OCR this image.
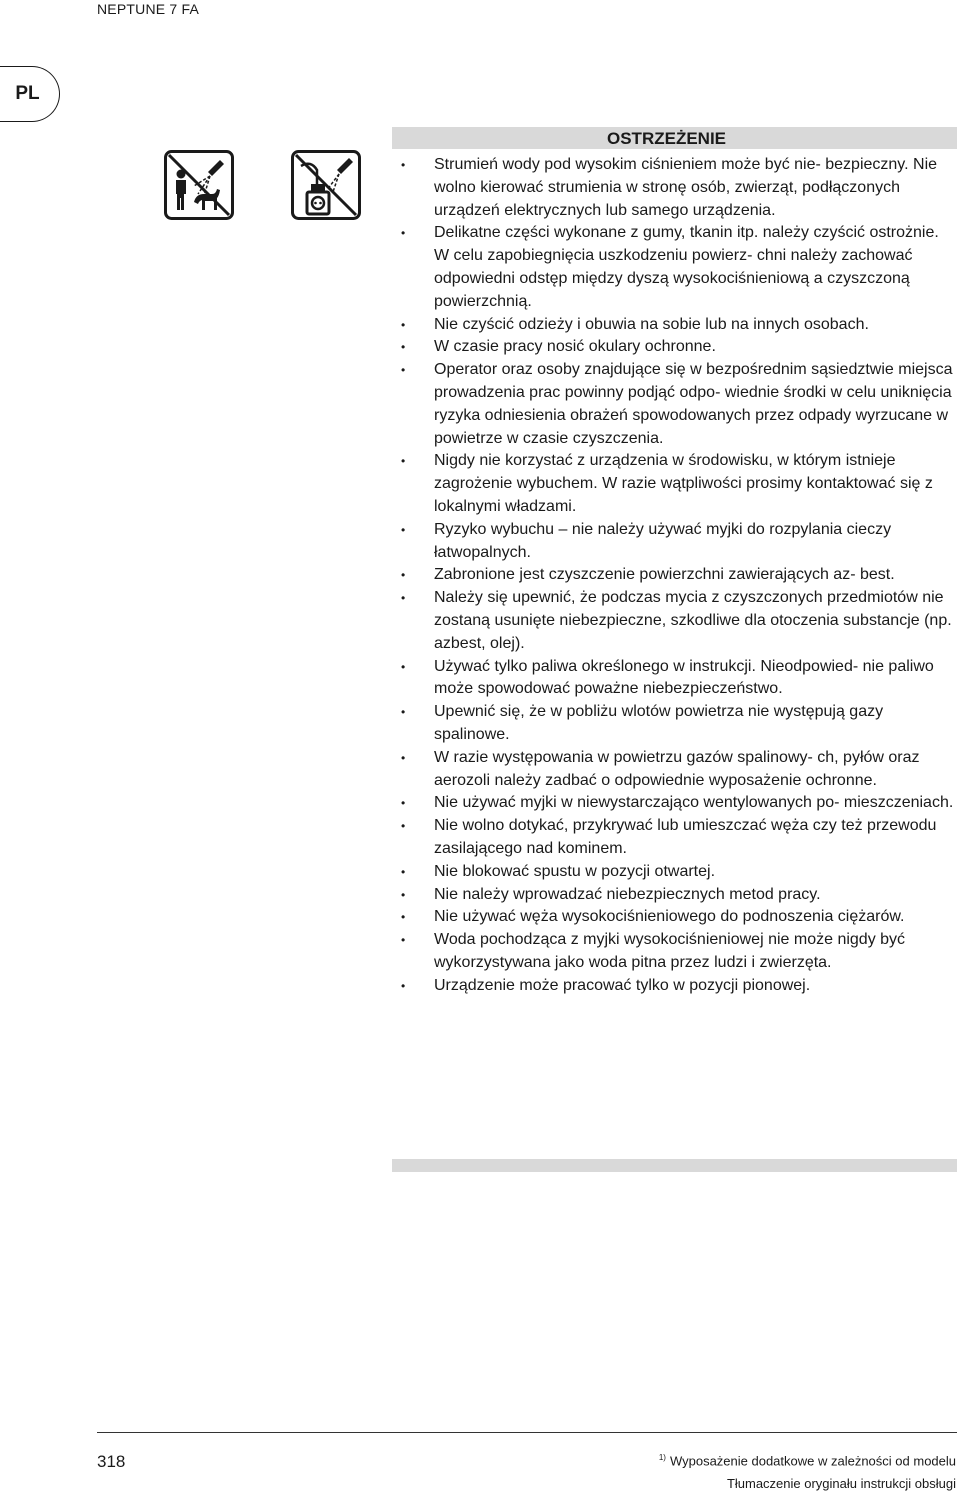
NEPTUNE 7 FA
PL
OSTRZEŻENIE
• Strumień wody pod wysokim ciśnieniem może być nie- bezpieczny. Nie wolno kierować strumienia w stronę osób, zwierząt, podłączonych urządzeń elektrycznych lub samego urządzenia.
• Delikatne części wykonane z gumy, tkanin itp. należy czyścić ostrożnie. W celu zapobiegnięcia uszkodzeniu powierz- chni należy zachować odpowiedni odstęp między dyszą wysokociśnieniową a czyszczoną powierzchnią.
• Nie czyścić odzieży i obuwia na sobie lub na innych osobach.
• W czasie pracy nosić okulary ochronne.
• Operator oraz osoby znajdujące się w bezpośrednim sąsiedztwie miejsca prowadzenia prac powinny podjąć odpo- wiednie środki w celu uniknięcia ryzyka odniesienia obrażeń spowodowanych przez odpady wyrzucane w powietrze w czasie czyszczenia.
• Nigdy nie korzystać z urządzenia w środowisku, w którym istnieje zagrożenie wybuchem. W razie wątpliwości prosimy kontaktować się z lokalnymi władzami.
• Ryzyko wybuchu – nie należy używać myjki do rozpylania cieczy łatwopalnych.
• Zabronione jest czyszczenie powierzchni zawierających az- best.
• Należy się upewnić, że podczas mycia z czyszczonych przedmiotów nie zostaną usunięte niebezpieczne, szkodliwe dla otoczenia substancje (np. azbest, olej).
• Używać tylko paliwa określonego w instrukcji. Nieodpowied- nie paliwo może spowodować poważne niebezpieczeństwo.
• Upewnić się, że w pobliżu wlotów powietrza nie występują gazy spalinowe.
• W razie występowania w powietrzu gazów spalinowy- ch, pyłów oraz aerozoli należy zadbać o odpowiednie wyposażenie ochronne.
• Nie używać myjki w niewystarczająco wentylowanych po- mieszczeniach.
• Nie wolno dotykać, przykrywać lub umieszczać węża czy też przewodu zasilającego nad kominem.
• Nie blokować spustu w pozycji otwartej.
• Nie należy wprowadzać niebezpiecznych metod pracy.
• Nie używać węża wysokociśnieniowego do podnoszenia ciężarów.
• Woda pochodząca z myjki wysokociśnieniowej nie może nigdy być wykorzystywana jako woda pitna przez ludzi i zwierzęta.
• Urządzenie może pracować tylko w pozycji pionowej.
318	$^{1)}$ Wyposażenie dodatkowe w zależności od modelu
Tłumaczenie oryginału instrukcji obsługi
